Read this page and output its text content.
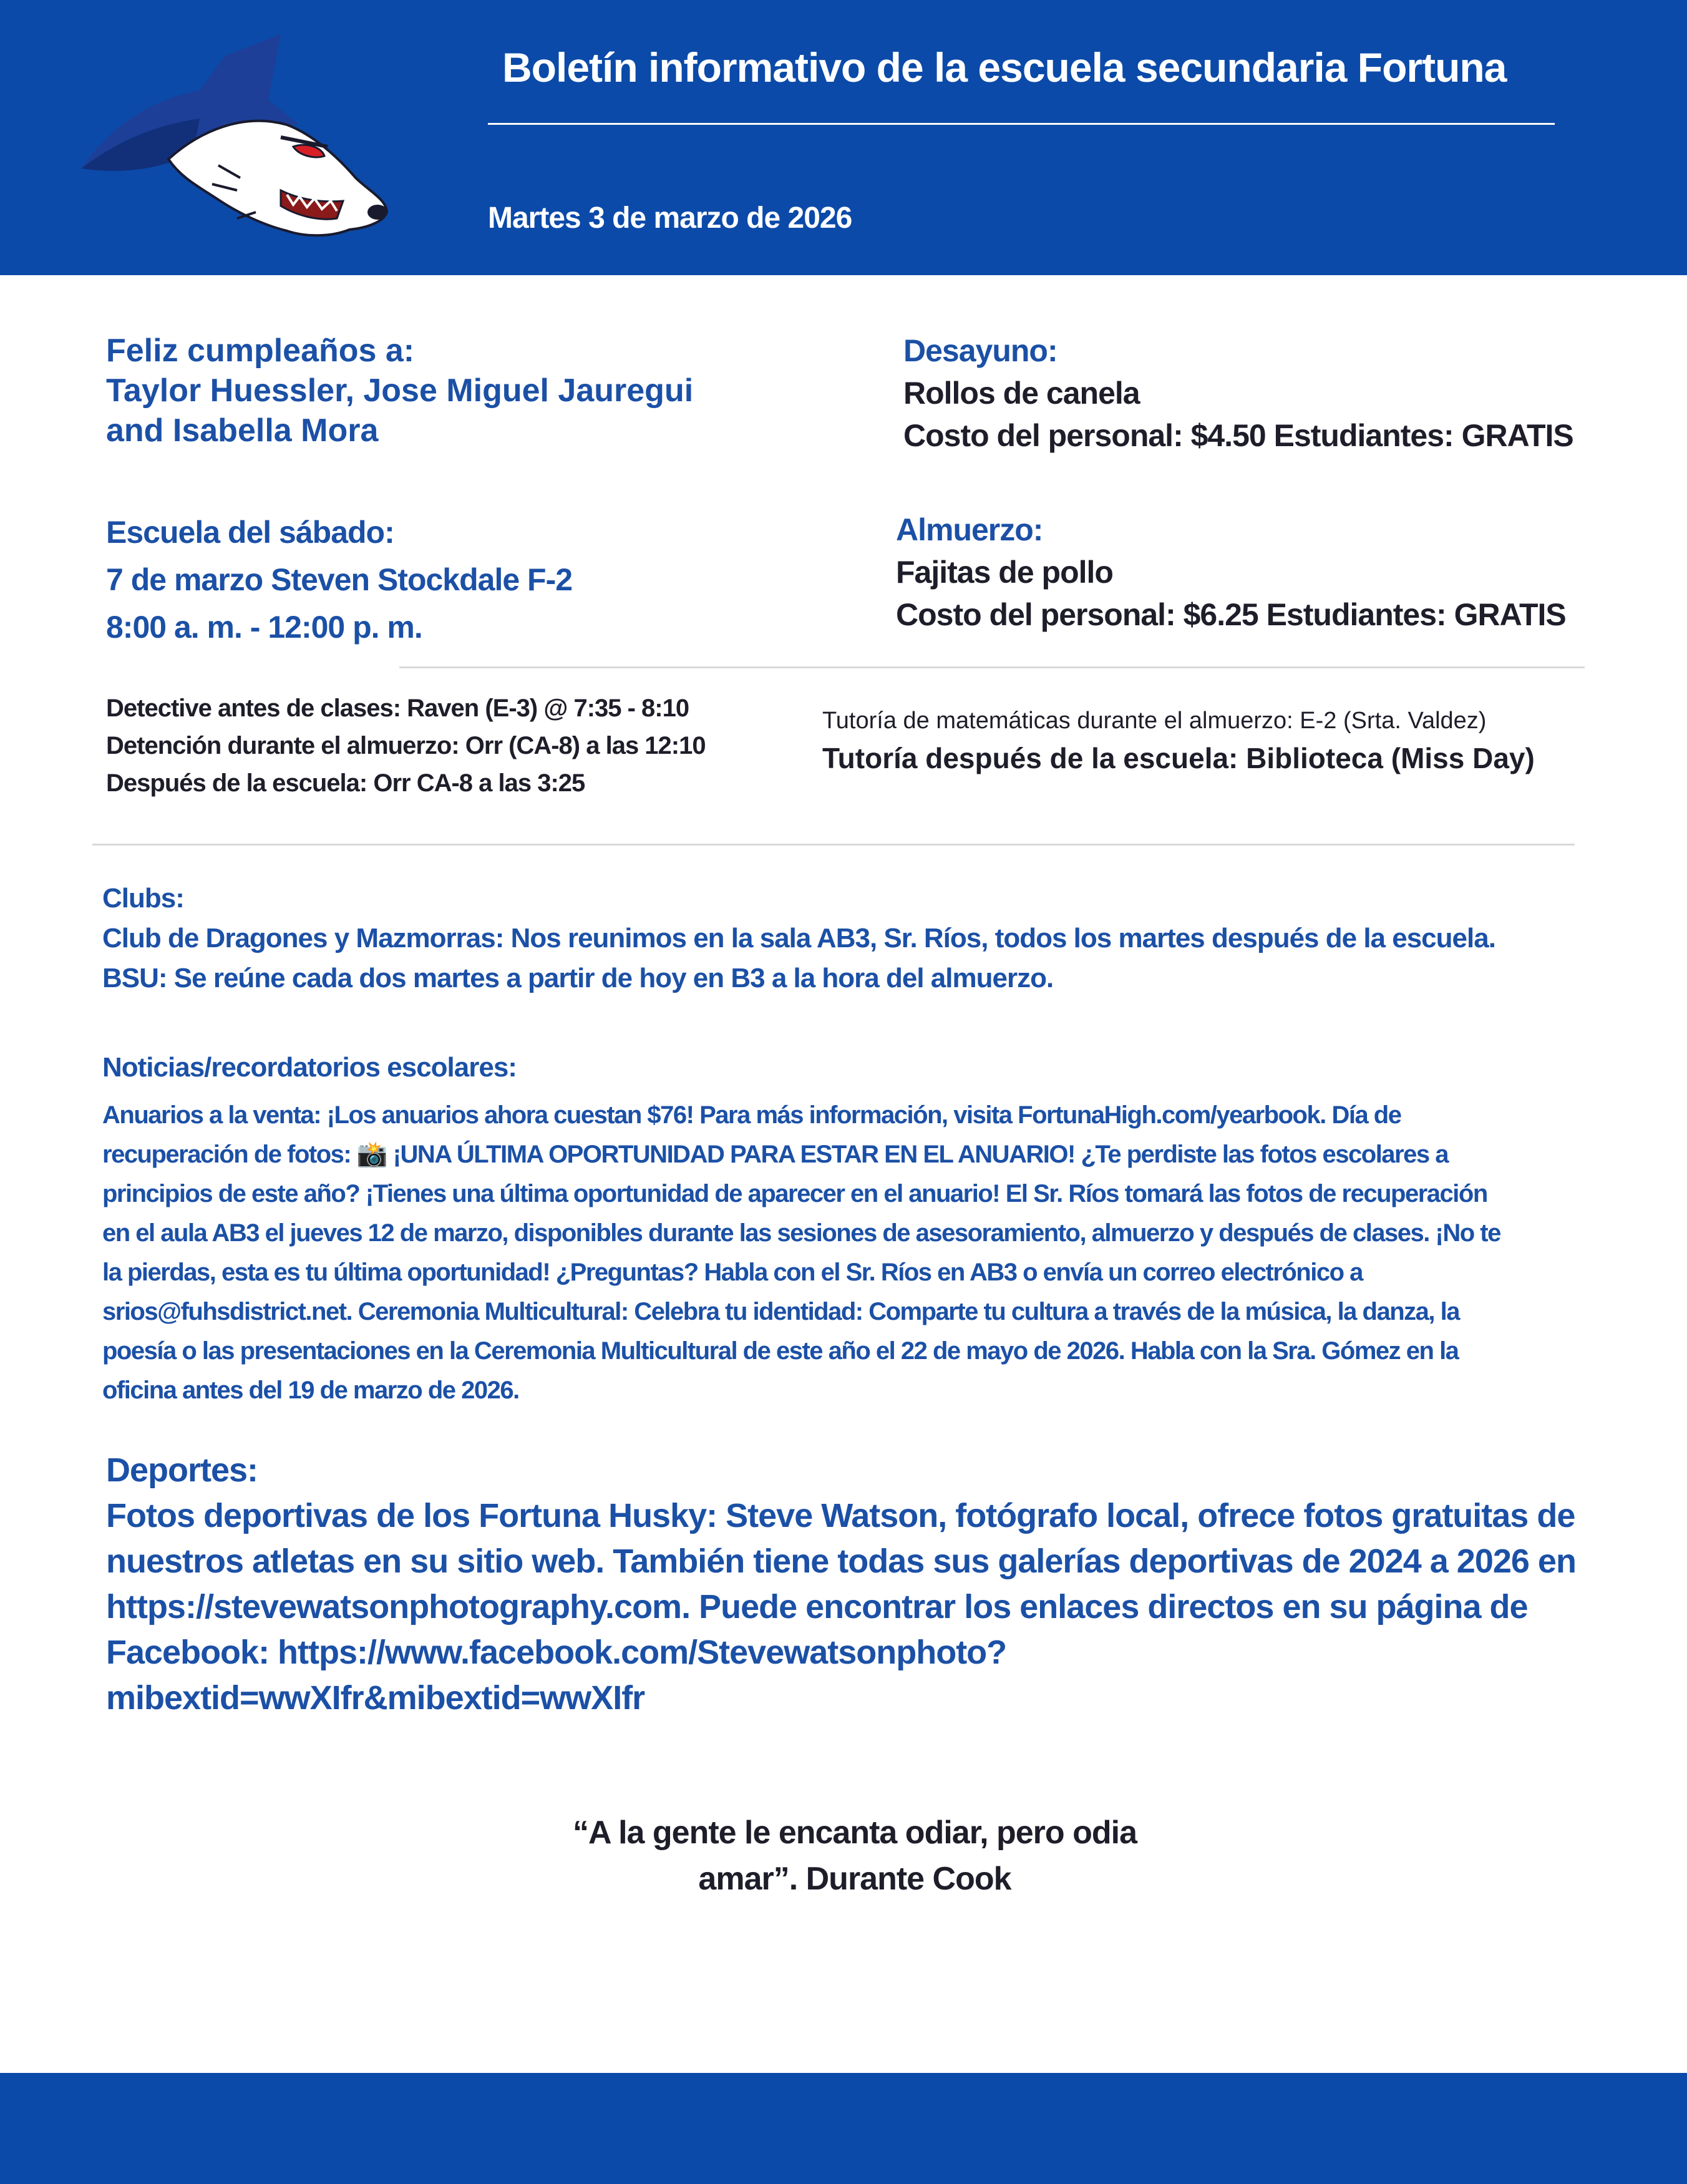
Boletín informativo de la escuela secundaria Fortuna
Martes 3 de marzo de 2026
Feliz cumpleaños a:
Taylor Huessler, Jose Miguel Jauregui
and Isabella Mora
Desayuno:
Rollos de canela
Costo del personal: $4.50 Estudiantes: GRATIS
Escuela del sábado:
7 de marzo Steven Stockdale F-2
8:00 a. m. - 12:00 p. m.
Almuerzo:
Fajitas de pollo
Costo del personal: $6.25 Estudiantes: GRATIS
Detective antes de clases: Raven (E-3) @ 7:35 - 8:10
Detención durante el almuerzo: Orr (CA-8) a las 12:10
Después de la escuela: Orr CA-8 a las 3:25
Tutoría de matemáticas durante el almuerzo: E-2 (Srta. Valdez)
Tutoría después de la escuela: Biblioteca (Miss Day)
Clubs:
Club de Dragones y Mazmorras: Nos reunimos en la sala AB3, Sr. Ríos, todos los martes después de la escuela.
BSU: Se reúne cada dos martes a partir de hoy en B3 a la hora del almuerzo.
Noticias/recordatorios escolares:
Anuarios a la venta: ¡Los anuarios ahora cuestan $76! Para más información, visita FortunaHigh.com/yearbook. Día de
recuperación de fotos: 📸 ¡UNA ÚLTIMA OPORTUNIDAD PARA ESTAR EN EL ANUARIO! ¿Te perdiste las fotos escolares a
principios de este año? ¡Tienes una última oportunidad de aparecer en el anuario! El Sr. Ríos tomará las fotos de recuperación
en el aula AB3 el jueves 12 de marzo, disponibles durante las sesiones de asesoramiento, almuerzo y después de clases. ¡No te
la pierdas, esta es tu última oportunidad! ¿Preguntas? Habla con el Sr. Ríos en AB3 o envía un correo electrónico a
srios@fuhsdistrict.net. Ceremonia Multicultural: Celebra tu identidad: Comparte tu cultura a través de la música, la danza, la
poesía o las presentaciones en la Ceremonia Multicultural de este año el 22 de mayo de 2026. Habla con la Sra. Gómez en la
oficina antes del 19 de marzo de 2026.
Deportes:
Fotos deportivas de los Fortuna Husky: Steve Watson, fotógrafo local, ofrece fotos gratuitas de
nuestros atletas en su sitio web. También tiene todas sus galerías deportivas de 2024 a 2026 en
https://stevewatsonphotography.com. Puede encontrar los enlaces directos en su página de
Facebook: https://www.facebook.com/Stevewatsonphoto?
mibextid=wwXIfr&mibextid=wwXIfr
“A la gente le encanta odiar, pero odia
amar”. Durante Cook
